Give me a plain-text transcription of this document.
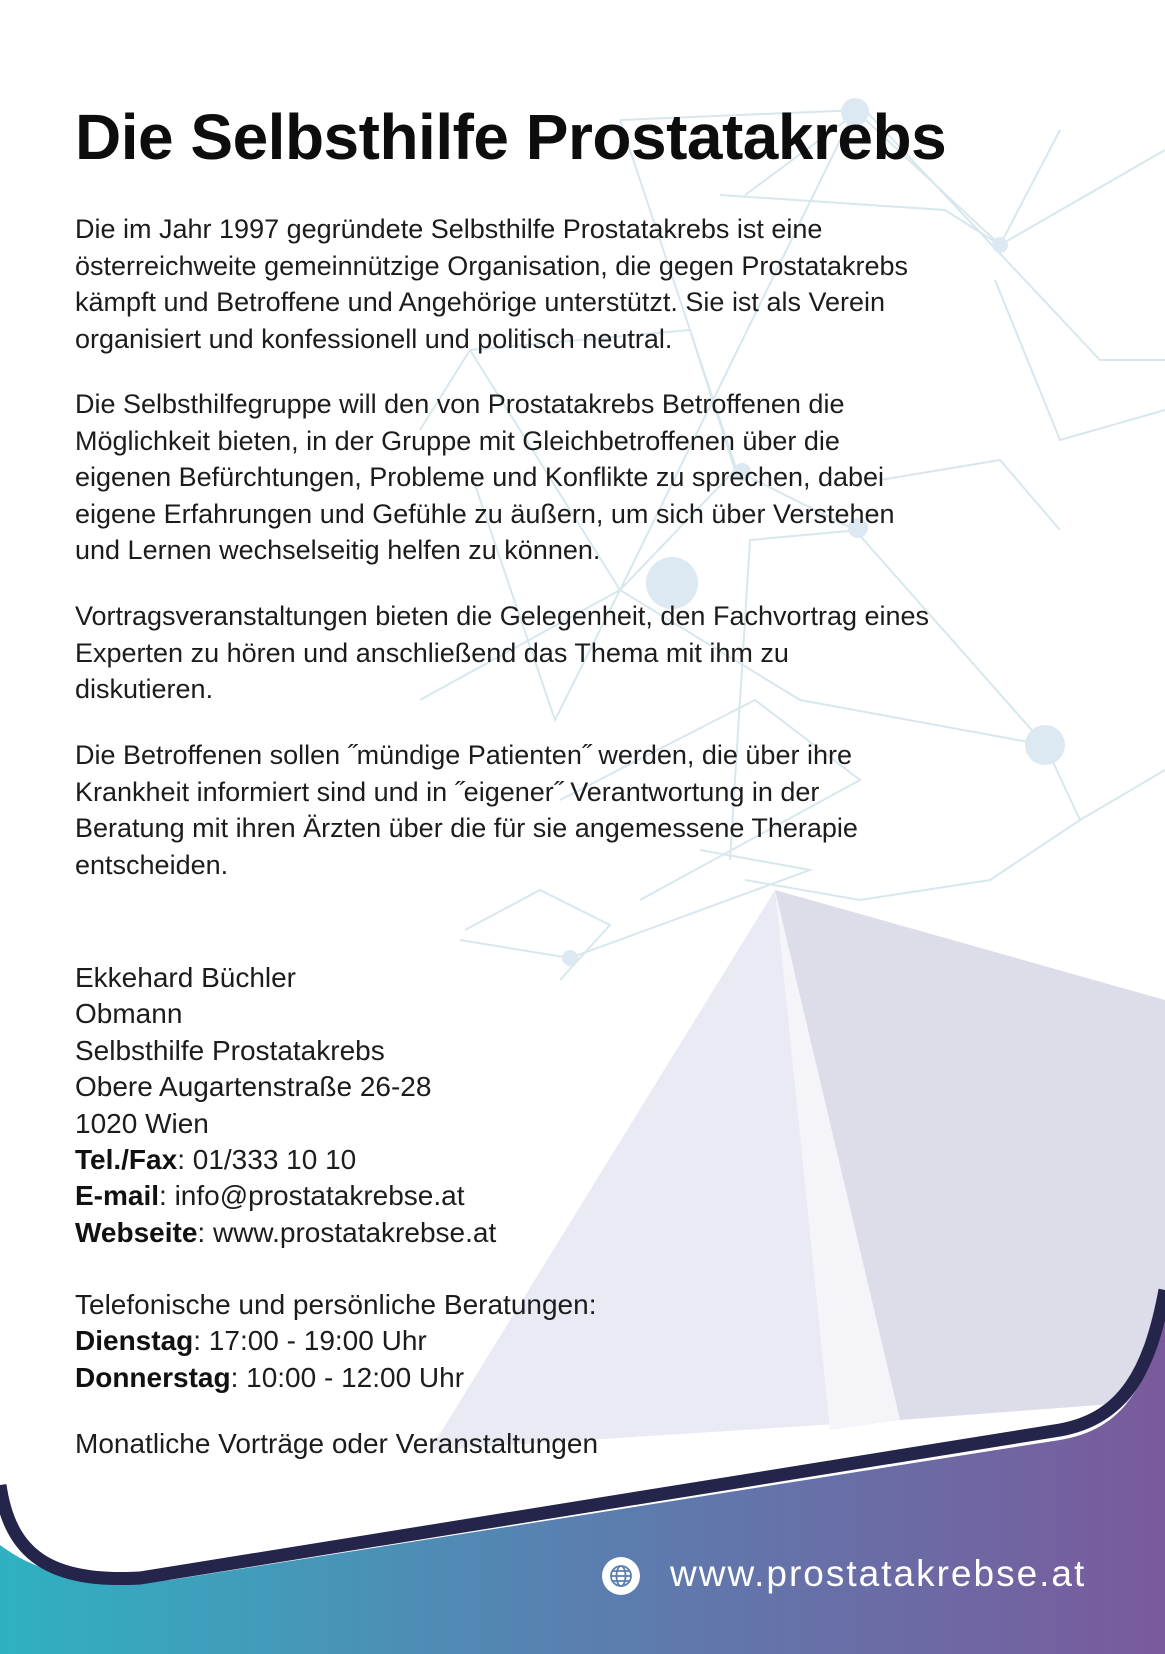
Die Selbsthilfe Prostatakrebs

Die im Jahr 1997 gegründete Selbsthilfe Prostatakrebs ist eine
österreichweite gemeinnützige Organisation, die gegen Prostatakrebs
kämpft und Betroffene und Angehörige unterstützt. Sie ist als Verein
organisiert und konfessionell und politisch neutral.

Die Selbsthilfegruppe will den von Prostatakrebs Betroffenen die
Möglichkeit bieten, in der Gruppe mit Gleichbetroffenen über die
eigenen Befürchtungen, Probleme und Konflikte zu sprechen, dabei
eigene Erfahrungen und Gefühle zu äußern, um sich über Verstehen
und Lernen wechselseitig helfen zu können.

Vortragsveranstaltungen bieten die Gelegenheit, den Fachvortrag eines
Experten zu hören und anschließend das Thema mit ihm zu
diskutieren.

Die Betroffenen sollen ˝mündige Patienten˝ werden, die über ihre
Krankheit informiert sind und in ˝eigener˝ Verantwortung in der
Beratung mit ihren Ärzten über die für sie angemessene Therapie
entscheiden.

Ekkehard Büchler
Obmann
Selbsthilfe Prostatakrebs
Obere Augartenstraße 26-28
1020 Wien
Tel./Fax: 01/333 10 10
E-mail: info@prostatakrebse.at
Webseite: www.prostatakrebse.at
Telefonische und persönliche Beratungen:
Dienstag: 17:00 - 19:00 Uhr
Donnerstag: 10:00 - 12:00 Uhr
Monatliche Vorträge oder Veranstaltungen
www.prostatakrebse.at
